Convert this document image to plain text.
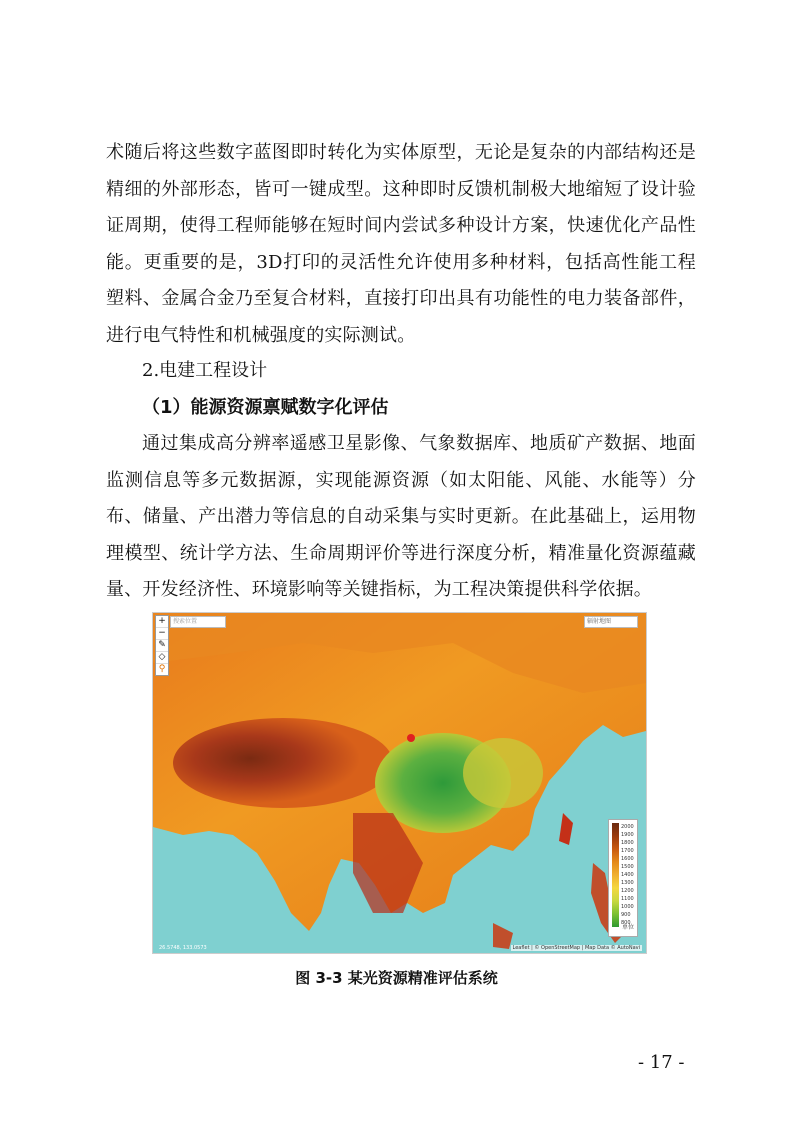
术随后将这些数字蓝图即时转化为实体原型，无论是复杂的内部结构还是精细的外部形态，皆可一键成型。这种即时反馈机制极大地缩短了设计验证周期，使得工程师能够在短时间内尝试多种设计方案，快速优化产品性能。更重要的是，3D打印的灵活性允许使用多种材料，包括高性能工程塑料、金属合金乃至复合材料，直接打印出具有功能性的电力装备部件，进行电气特性和机械强度的实际测试。

2.电建工程设计
（1）能源资源禀赋数字化评估

通过集成高分辨率遥感卫星影像、气象数据库、地质矿产数据、地面监测信息等多元数据源，实现能源资源（如太阳能、风能、水能等）分布、储量、产出潜力等信息的自动采集与实时更新。在此基础上，运用物理模型、统计学方法、生命周期评价等进行深度分析，精准量化资源蕴藏量、开发经济性、环境影响等关键指标，为工程决策提供科学依据。

+
−
✎
◇
⚲
搜索位置	辐射地图
2000
1900
1800
1700
1600
1500
1400
1300
1200
1100
1000
900
800
单位
26.5748, 133.0573	Leaflet | © OpenStreetMap | Map Data © AutoNavi
图 3-3 某光资源精准评估系统
- 17 -
